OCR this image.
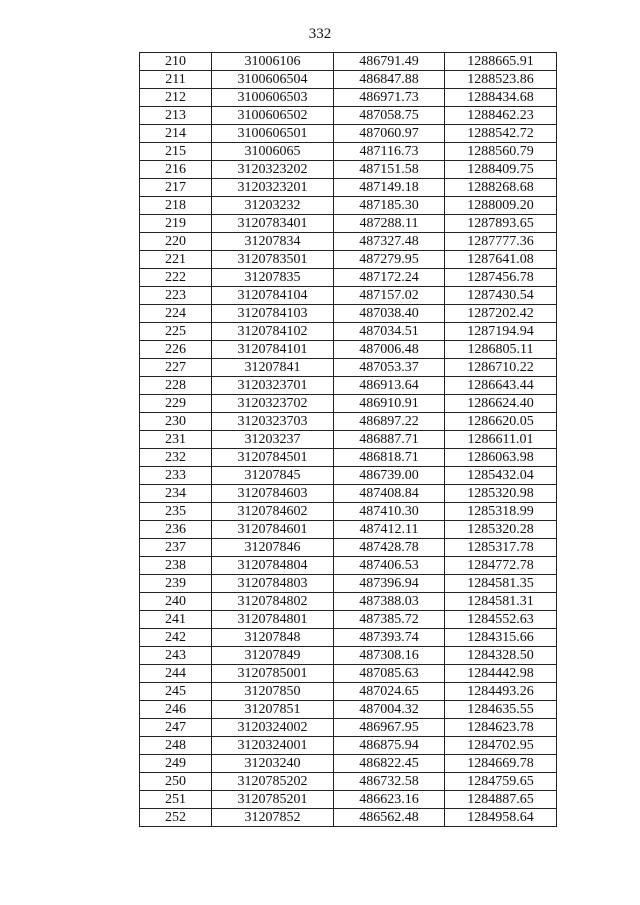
332
210	31006106	486791.49	1288665.91
211	3100606504	486847.88	1288523.86
212	3100606503	486971.73	1288434.68
213	3100606502	487058.75	1288462.23
214	3100606501	487060.97	1288542.72
215	31006065	487116.73	1288560.79
216	3120323202	487151.58	1288409.75
217	3120323201	487149.18	1288268.68
218	31203232	487185.30	1288009.20
219	3120783401	487288.11	1287893.65
220	31207834	487327.48	1287777.36
221	3120783501	487279.95	1287641.08
222	31207835	487172.24	1287456.78
223	3120784104	487157.02	1287430.54
224	3120784103	487038.40	1287202.42
225	3120784102	487034.51	1287194.94
226	3120784101	487006.48	1286805.11
227	31207841	487053.37	1286710.22
228	3120323701	486913.64	1286643.44
229	3120323702	486910.91	1286624.40
230	3120323703	486897.22	1286620.05
231	31203237	486887.71	1286611.01
232	3120784501	486818.71	1286063.98
233	31207845	486739.00	1285432.04
234	3120784603	487408.84	1285320.98
235	3120784602	487410.30	1285318.99
236	3120784601	487412.11	1285320.28
237	31207846	487428.78	1285317.78
238	3120784804	487406.53	1284772.78
239	3120784803	487396.94	1284581.35
240	3120784802	487388.03	1284581.31
241	3120784801	487385.72	1284552.63
242	31207848	487393.74	1284315.66
243	31207849	487308.16	1284328.50
244	3120785001	487085.63	1284442.98
245	31207850	487024.65	1284493.26
246	31207851	487004.32	1284635.55
247	3120324002	486967.95	1284623.78
248	3120324001	486875.94	1284702.95
249	31203240	486822.45	1284669.78
250	3120785202	486732.58	1284759.65
251	3120785201	486623.16	1284887.65
252	31207852	486562.48	1284958.64
